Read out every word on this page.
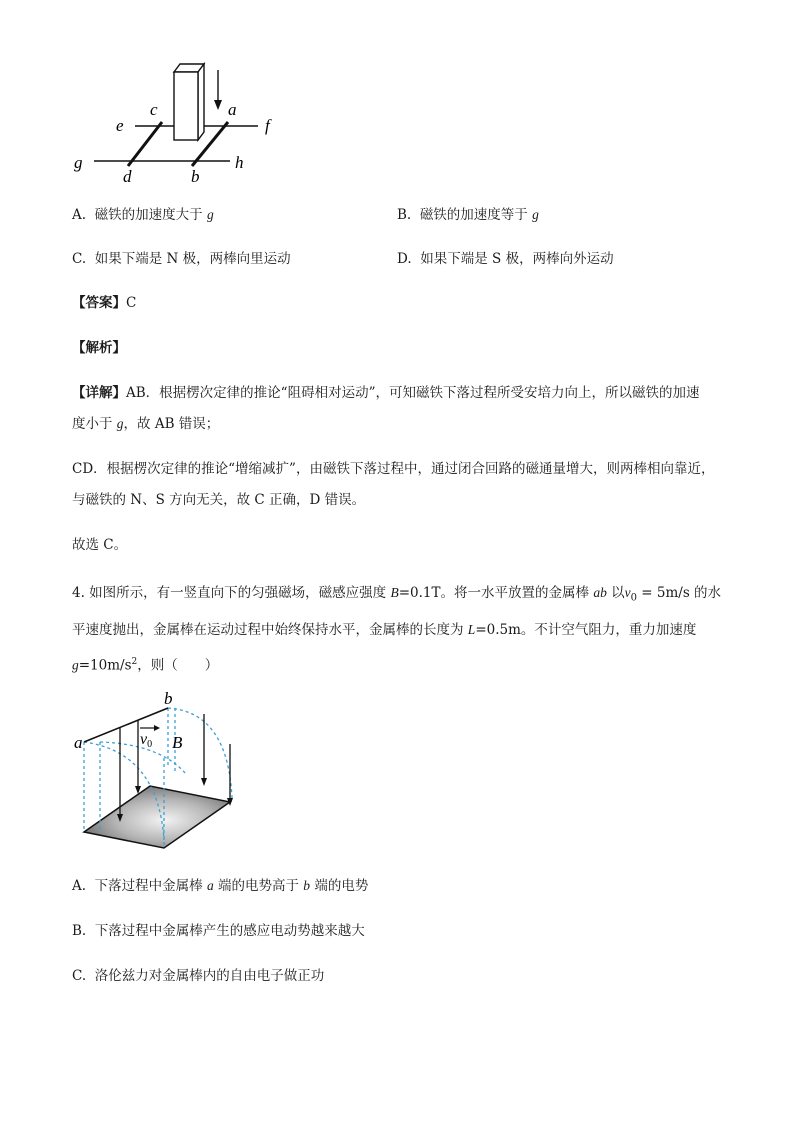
e
c	a
f
g
d	b
h
A. 磁铁的加速度大于 g	B. 磁铁的加速度等于 g
C. 如果下端是 N 极，两棒向里运动	D. 如果下端是 S 极，两棒向外运动
【答案】C
【解析】
【详解】AB．根据楞次定律的推论“阻碍相对运动”，可知磁铁下落过程所受安培力向上，所以磁铁的加速
度小于 g，故 AB 错误；
CD．根据楞次定律的推论“增缩减扩”，由磁铁下落过程中，通过闭合回路的磁通量增大，则两棒相向靠近，
与磁铁的 N、S 方向无关，故 C 正确，D 错误。
故选 C。
4. 如图所示，有一竖直向下的匀强磁场，磁感应强度 B=0.1T。将一水平放置的金属棒 ab 以$v_0 = 5m/s$ 的水
平速度抛出，金属棒在运动过程中始终保持水平，金属棒的长度为 L=0.5m。不计空气阻力，重力加速度
$g=10m/s^2$，则（　　）
a
b
v0 B
A. 下落过程中金属棒 a 端的电势高于 b 端的电势
B. 下落过程中金属棒产生的感应电动势越来越大
C. 洛伦兹力对金属棒内的自由电子做正功
